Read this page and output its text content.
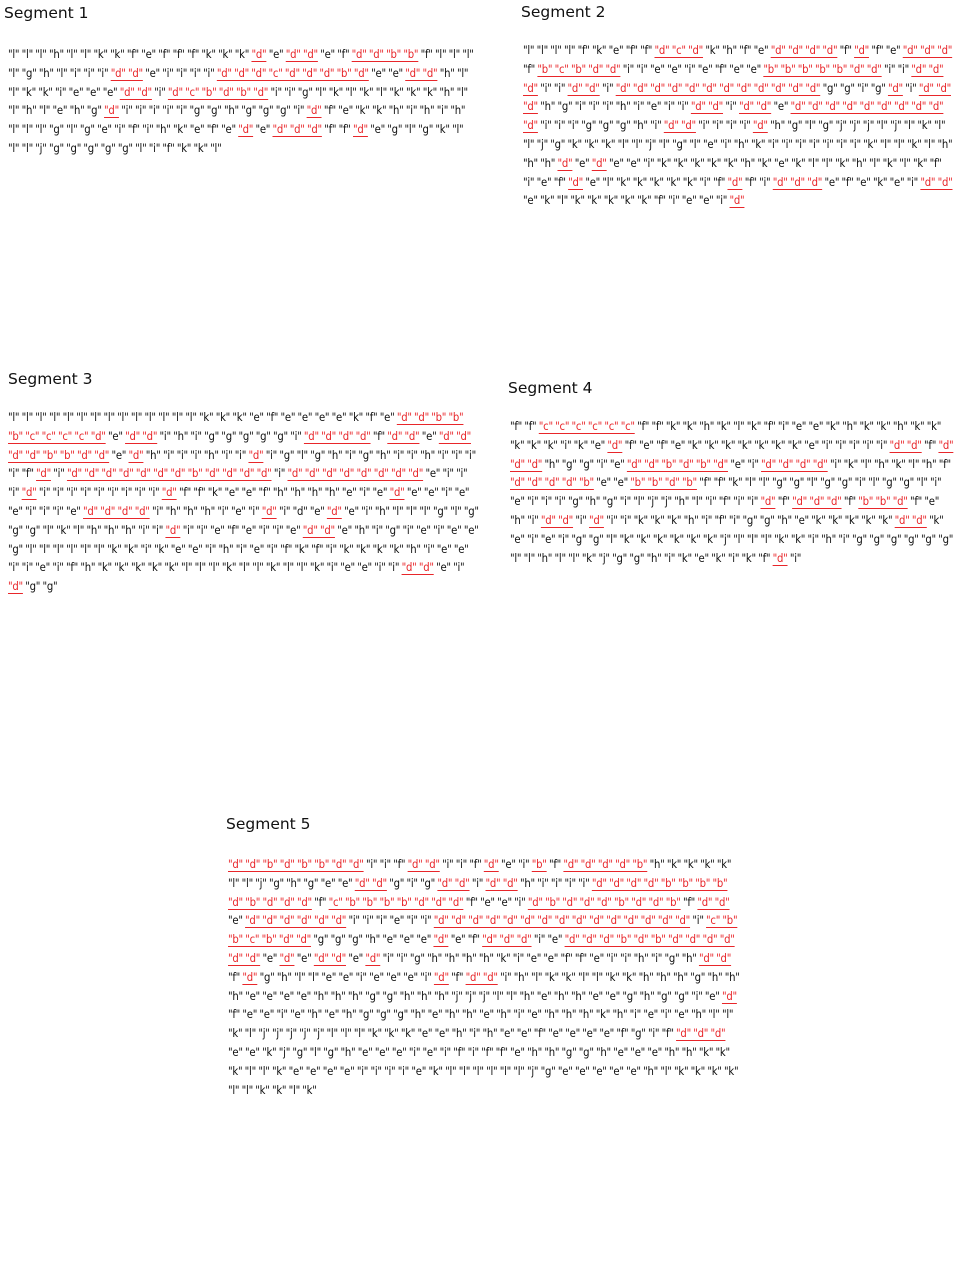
Segment 1

"l" "l" "l" "h" "l" "l" "k" "k" "f" "e" "f" "f" "f" "k" "k" "k" "d" "e" "d" "d" "e" "f" "d" "d" "b" "b" "f" "l" "l" "l" "l" "g" "h" "l" "i" "i" "i" "d" "d" "e" "i" "i" "i" "i" "d" "d" "d" "c" "d" "d" "d" "b" "d" "e" "e" "d" "d" "h" "l" "l" "k" "k" "i" "e" "e" "e" "d" "d" "i" "d" "c" "b" "d" "b" "d" "i" "i" "g" "l" "k" "l" "k" "l" "k" "k" "k" "h" "l" "l" "h" "l" "e" "h" "g" "d" "i" "i" "i" "i" "i" "g" "g" "h" "g" "g" "g" "i" "d" "f" "e" "k" "k" "h" "i" "h" "i" "h" "l" "l" "l" "g" "l" "g" "e" "i" "f" "i" "h" "k" "e" "f" "e" "d" "e" "d" "d" "d" "f" "f" "d" "e" "g" "l" "g" "k" "l" "l" "l" "j" "g" "g" "g" "g" "g" "l" "i" "f" "k" "k" "l"

Segment 2

"l" "l" "l" "l" "f" "k" "e" "f" "f" "d" "c" "d" "k" "h" "f" "e" "d" "d" "d" "d" "f" "d" "f" "e" "d" "d" "d" "f" "b" "c" "b" "d" "d" "i" "i" "e" "e" "i" "e" "f" "e" "e" "b" "b" "b" "b" "b" "d" "d" "i" "i" "d" "d" "d" "i" "i" "d" "d" "i" "d" "d" "d" "d" "d" "d" "d" "d" "d" "d" "d" "d" "g" "g" "i" "g" "d" "i" "d" "d" "d" "h" "g" "i" "i" "i" "h" "i" "e" "i" "i" "d" "d" "i" "d" "d" "e" "d" "d" "d" "d" "d" "d" "d" "d" "d" "d" "i" "i" "i" "g" "g" "g" "h" "i" "d" "d" "i" "i" "i" "i" "d" "h" "g" "l" "g" "j" "j" "j" "l" "j" "l" "k" "l" "l" "j" "g" "k" "k" "k" "l" "l" "j" "l" "g" "l" "e" "i" "h" "k" "i" "i" "i" "i" "i" "i" "i" "k" "l" "l" "k" "l" "h" "h" "h" "d" "e" "d" "e" "e" "i" "k" "k" "k" "k" "k" "h" "k" "e" "k" "l" "l" "k" "h" "l" "k" "l" "k" "f" "i" "e" "f" "d" "e" "l" "k" "k" "k" "k" "k" "i" "f" "d" "f" "i" "d" "d" "d" "e" "f" "e" "k" "e" "i" "d" "d" "e" "k" "l" "k" "k" "k" "k" "k" "f" "i" "e" "e" "i" "d"

Segment 3

"l" "l" "l" "l" "l" "l" "l" "l" "l" "l" "l" "l" "l" "l" "k" "k" "k" "e" "f" "e" "e" "e" "e" "k" "f" "e" "d" "d" "b" "b" "b" "c" "c" "c" "c" "d" "e" "d" "d" "i" "h" "i" "g" "g" "g" "g" "g" "i" "d" "d" "d" "d" "f" "d" "d" "e" "d" "d" "d" "d" "b" "b" "d" "d" "e" "d" "h" "i" "i" "i" "h" "i" "i" "d" "i" "g" "l" "g" "h" "i" "g" "h" "i" "i" "h" "i" "i" "i" "i" "f" "d" "i" "d" "d" "d" "d" "d" "d" "d" "b" "d" "d" "d" "d" "i" "d" "d" "d" "d" "d" "d" "d" "d" "e" "i" "i" "i" "d" "i" "i" "i" "i" "i" "i" "i" "i" "i" "d" "f" "f" "k" "e" "e" "f" "h" "h" "h" "h" "e" "i" "e" "d" "e" "e" "i" "e" "e" "i" "i" "i" "e" "d" "d" "d" "d" "i" "h" "h" "h" "i" "e" "i" "d" "i" "d" "e" "d" "e" "i" "h" "l" "l" "l" "g" "l" "g" "g" "g" "l" "k" "l" "h" "h" "h" "i" "i" "d" "i" "i" "e" "f" "e" "i" "i" "e" "d" "d" "e" "h" "i" "g" "i" "e" "i" "e" "e" "g" "l" "l" "l" "l" "l" "l" "k" "k" "i" "k" "e" "e" "i" "h" "i" "e" "i" "f" "k" "f" "i" "k" "k" "k" "k" "h" "i" "e" "e" "i" "i" "e" "i" "f" "h" "k" "k" "k" "k" "k" "l" "l" "l" "k" "l" "l" "k" "l" "l" "k" "i" "e" "e" "i" "i" "d" "d" "e" "i" "d" "g" "g"

Segment 4

"f" "f" "c" "c" "c" "c" "c" "c" "f" "f" "k" "k" "h" "k" "l" "k" "f" "i" "e" "e" "k" "h" "k" "k" "h" "k" "k" "k" "k" "k" "i" "k" "e" "d" "f" "e" "f" "e" "k" "k" "k" "k" "k" "k" "k" "e" "i" "i" "i" "i" "i" "d" "d" "f" "d" "d" "d" "h" "g" "g" "i" "e" "d" "d" "b" "d" "b" "d" "e" "i" "d" "d" "d" "d" "i" "k" "l" "h" "k" "l" "h" "f" "d" "d" "d" "d" "b" "e" "e" "b" "b" "d" "b" "f" "f" "k" "l" "l" "g" "g" "l" "g" "g" "i" "l" "g" "g" "l" "i" "e" "i" "i" "i" "g" "h" "g" "i" "l" "j" "j" "h" "l" "i" "f" "i" "i" "d" "f" "d" "d" "d" "f" "b" "b" "d" "f" "e" "h" "i" "d" "d" "i" "d" "i" "i" "k" "k" "k" "h" "i" "f" "i" "g" "g" "h" "e" "k" "k" "k" "k" "k" "d" "d" "k" "e" "i" "e" "i" "g" "g" "l" "k" "k" "k" "k" "k" "k" "j" "l" "l" "l" "k" "k" "i" "h" "i" "g" "g" "g" "g" "g" "g" "l" "l" "h" "l" "l" "k" "j" "g" "g" "h" "i" "k" "e" "k" "i" "k" "f" "d" "i"

Segment 5

"d" "d" "b" "d" "b" "b" "d" "d" "i" "i" "f" "d" "d" "i" "i" "f" "d" "e" "i" "b" "f" "d" "d" "d" "d" "b" "h" "k" "k" "k" "k" "l" "l" "j" "g" "h" "g" "e" "e" "d" "d" "g" "i" "g" "d" "d" "i" "d" "d" "h" "i" "i" "i" "i" "d" "d" "d" "d" "b" "b" "b" "b" "d" "b" "d" "d" "d" "f" "c" "b" "b" "b" "b" "d" "d" "d" "f" "e" "e" "i" "d" "b" "d" "d" "d" "b" "d" "d" "b" "f" "d" "d" "e" "d" "d" "d" "d" "d" "d" "i" "i" "i" "e" "i" "i" "d" "d" "d" "d" "d" "d" "d" "d" "d" "d" "d" "d" "d" "d" "d" "i" "c" "b" "b" "c" "b" "d" "d" "g" "g" "g" "h" "e" "e" "e" "d" "e" "f" "d" "d" "d" "i" "e" "d" "d" "d" "b" "d" "b" "d" "d" "d" "d" "d" "d" "e" "d" "e" "d" "d" "e" "d" "i" "i" "g" "h" "h" "h" "h" "k" "i" "e" "e" "f" "f" "e" "i" "i" "h" "i" "g" "h" "d" "d" "f" "d" "g" "h" "l" "l" "e" "e" "i" "e" "e" "e" "i" "d" "f" "d" "d" "i" "h" "l" "k" "k" "l" "l" "k" "k" "h" "h" "h" "g" "h" "h" "h" "e" "e" "e" "e" "h" "h" "h" "g" "g" "h" "h" "h" "j" "j" "j" "l" "l" "h" "e" "h" "h" "e" "e" "g" "h" "g" "g" "i" "e" "d" "f" "e" "e" "i" "e" "h" "e" "h" "g" "g" "g" "h" "e" "h" "h" "e" "h" "i" "e" "h" "h" "h" "k" "h" "i" "e" "i" "e" "h" "l" "l" "k" "l" "j" "j" "j" "j" "j" "l" "l" "l" "k" "k" "k" "e" "e" "h" "i" "h" "e" "e" "f" "e" "e" "e" "e" "f" "g" "i" "f" "d" "d" "d" "e" "e" "k" "j" "g" "l" "g" "h" "e" "e" "e" "i" "e" "i" "f" "i" "f" "f" "e" "h" "h" "g" "g" "h" "e" "e" "e" "h" "h" "k" "k" "k" "l" "l" "k" "e" "e" "e" "e" "i" "i" "i" "i" "e" "k" "l" "l" "l" "l" "l" "l" "j" "g" "e" "e" "e" "e" "e" "h" "l" "k" "k" "k" "k" "l" "l" "k" "k" "l" "k"
